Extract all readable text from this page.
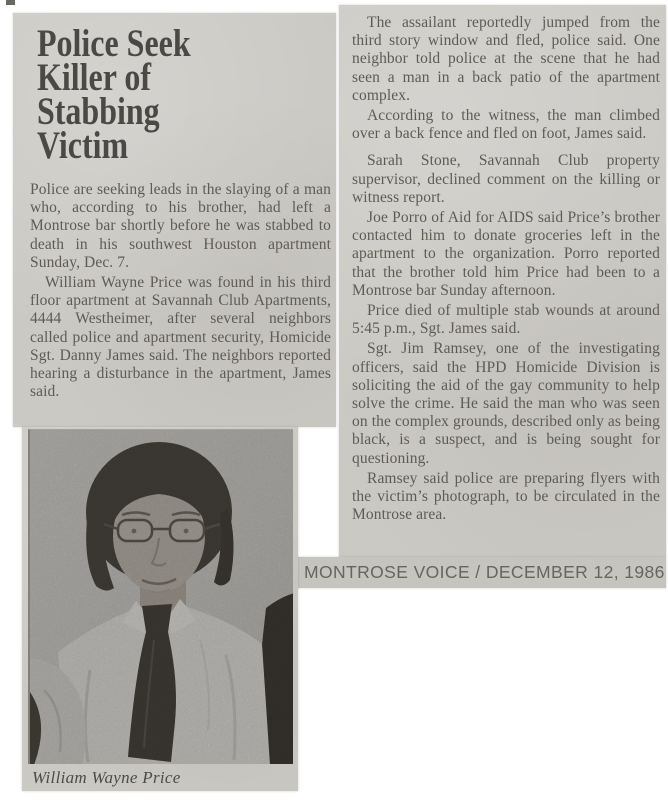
Police Seek
Killer of
Stabbing
Victim

Police are seeking leads in the slaying of a man who, according to his brother, had left a Montrose bar shortly before he was stabbed to death in his southwest Houston apartment Sunday, Dec. 7.

William Wayne Price was found in his third floor apartment at Savannah Club Apartments, 4444 Westheimer, after several neighbors called police and apartment security, Homicide Sgt. Danny James said. The neighbors reported hearing a disturbance in the apartment, James said.

The assailant reportedly jumped from the third story window and fled, police said. One neighbor told police at the scene that he had seen a man in a back patio of the apartment complex.

According to the witness, the man climbed over a back fence and fled on foot, James said.

Sarah Stone, Savannah Club property supervisor, declined comment on the killing or witness report.

Joe Porro of Aid for AIDS said Price’s brother contacted him to donate groceries left in the apartment to the organization. Porro reported that the brother told him Price had been to a Montrose bar Sunday afternoon.

Price died of multiple stab wounds at around 5:45 p.m., Sgt. James said.

Sgt. Jim Ramsey, one of the investigating officers, said the HPD Homicide Division is soliciting the aid of the gay community to help solve the crime. He said the man who was seen on the complex grounds, described only as being black, is a suspect, and is being sought for questioning.

Ramsey said police are preparing flyers with the victim’s photograph, to be circulated in the Montrose area.

MONTROSE VOICE / DECEMBER 12, 1986
William Wayne Price
